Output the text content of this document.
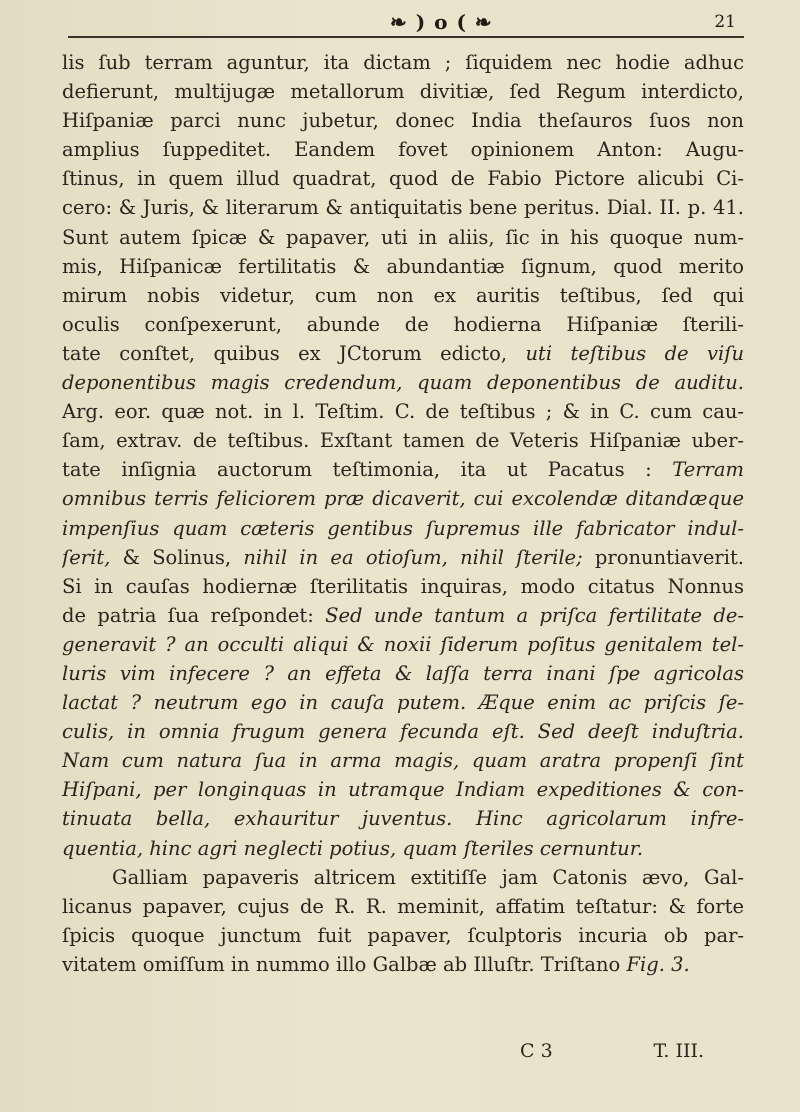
❧ ) o ( ❧	21
lis ſub terram aguntur, ita dictam ; ſiquidem nec hodie adhuc
defierunt, multijugæ metallorum divitiæ, ſed Regum interdicto,
Hiſpaniæ parci nunc jubetur, donec India theſauros ſuos non
amplius ſuppeditet. Eandem fovet opinionem Anton: Augu-
ſtinus, in quem illud quadrat, quod de Fabio Pictore alicubi Ci-
cero: & Juris, & literarum & antiquitatis bene peritus. Dial. II. p. 41.
Sunt autem ſpicæ & papaver, uti in aliis, ſic in his quoque num-
mis, Hiſpanicæ fertilitatis & abundantiæ ſignum, quod merito
mirum nobis videtur, cum non ex auritis teſtibus, ſed qui
oculis conſpexerunt, abunde de hodierna Hiſpaniæ ſterili-
tate conſtet, quibus ex JCtorum edicto, uti teſtibus de viſu
deponentibus magis credendum, quam deponentibus de auditu.
Arg. eor. quæ not. in l. Teſtim. C. de teſtibus ; & in C. cum cau-
ſam, extrav. de teſtibus. Exſtant tamen de Veteris Hiſpaniæ uber-
tate inſignia auctorum teſtimonia, ita ut Pacatus : Terram
omnibus terris feliciorem præ dicaverit, cui excolendæ ditandæque
impenſius quam cæteris gentibus ſupremus ille fabricator indul-
ſerit, & Solinus, nihil in ea otioſum, nihil ſterile; pronuntiaverit.
Si in cauſas hodiernæ ſterilitatis inquiras, modo citatus Nonnus
de patria ſua reſpondet: Sed unde tantum a priſca fertilitate de-
generavit ? an occulti aliqui & noxii ſiderum poſitus genitalem tel-
luris vim infecere ? an effeta & laſſa terra inani ſpe agricolas
lactat ? neutrum ego in cauſa putem. Æque enim ac priſcis ſe-
culis, in omnia frugum genera fecunda eſt. Sed deeſt induſtria.
Nam cum natura ſua in arma magis, quam aratra propenſi ſint
Hiſpani, per longinquas in utramque Indiam expeditiones & con-
tinuata bella, exhauritur juventus. Hinc agricolarum infre-
quentia, hinc agri neglecti potius, quam ſteriles cernuntur.
Galliam papaveris altricem extitiſſe jam Catonis ævo, Gal-
licanus papaver, cujus de R. R. meminit, affatim teſtatur: & forte
ſpicis quoque junctum fuit papaver, ſculptoris incuria ob par-
vitatem omiſſum in nummo illo Galbæ ab Illuſtr. Triſtano Fig. 3.
C 3	T. III.
